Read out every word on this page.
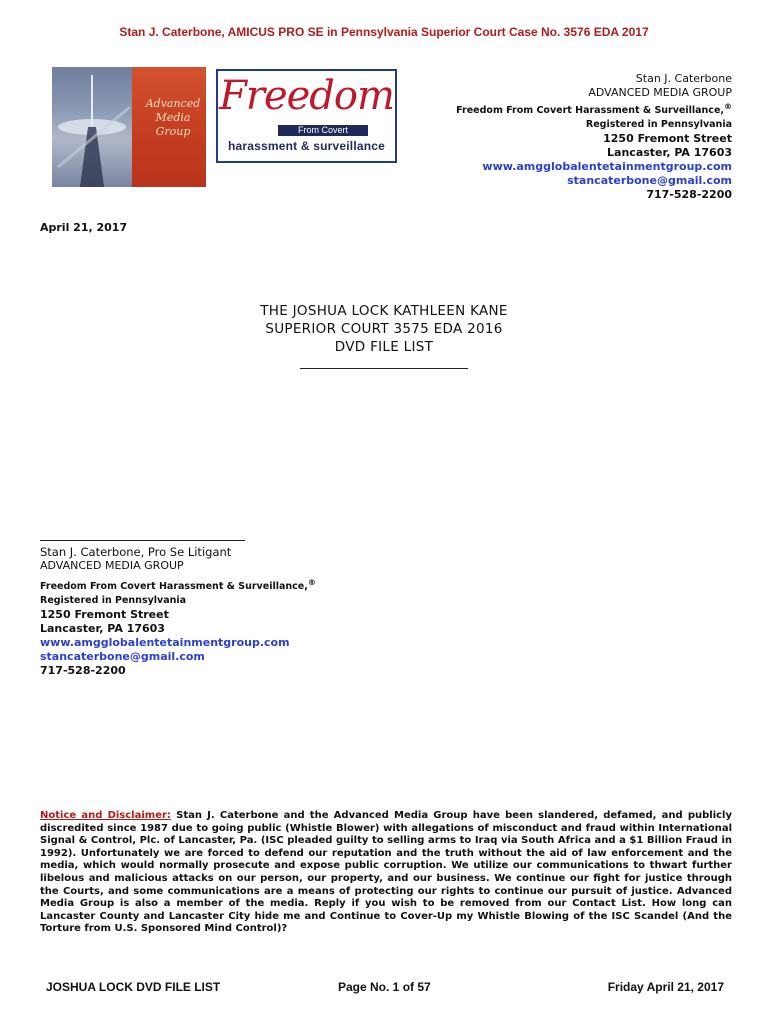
Stan J. Caterbone, AMICUS PRO SE in Pennsylvania Superior Court Case No. 3576 EDA 2017
Advanced Media Group
Freedom
From Covert
harassment & surveillance
Stan J. Caterbone
ADVANCED MEDIA GROUP
Freedom From Covert Harassment & Surveillance,®
Registered in Pennsylvania
1250 Fremont Street
Lancaster, PA 17603
www.amgglobalentetainmentgroup.com
stancaterbone@gmail.com
717-528-2200
April 21, 2017
THE JOSHUA LOCK KATHLEEN KANE
SUPERIOR COURT 3575 EDA 2016
DVD FILE LIST
Stan J. Caterbone, Pro Se Litigant
ADVANCED MEDIA GROUP
Freedom From Covert Harassment & Surveillance,®
Registered in Pennsylvania
1250 Fremont Street
Lancaster, PA 17603
www.amgglobalentetainmentgroup.com
stancaterbone@gmail.com
717-528-2200
Notice and Disclaimer: Stan J. Caterbone and the Advanced Media Group have been slandered, defamed, and publicly discredited since 1987 due to going public (Whistle Blower) with allegations of misconduct and fraud within International Signal & Control, Plc. of Lancaster, Pa. (ISC pleaded guilty to selling arms to Iraq via South Africa and a $1 Billion Fraud in 1992). Unfortunately we are forced to defend our reputation and the truth without the aid of law enforcement and the media, which would normally prosecute and expose public corruption. We utilize our communications to thwart further libelous and malicious attacks on our person, our property, and our business. We continue our fight for justice through the Courts, and some communications are a means of protecting our rights to continue our pursuit of justice. Advanced Media Group is also a member of the media. Reply if you wish to be removed from our Contact List. How long can Lancaster County and Lancaster City hide me and Continue to Cover-Up my Whistle Blowing of the ISC Scandel (And the Torture from U.S. Sponsored Mind Control)?
JOSHUA LOCK DVD FILE LIST	Page No. 1 of 57	Friday April 21, 2017
